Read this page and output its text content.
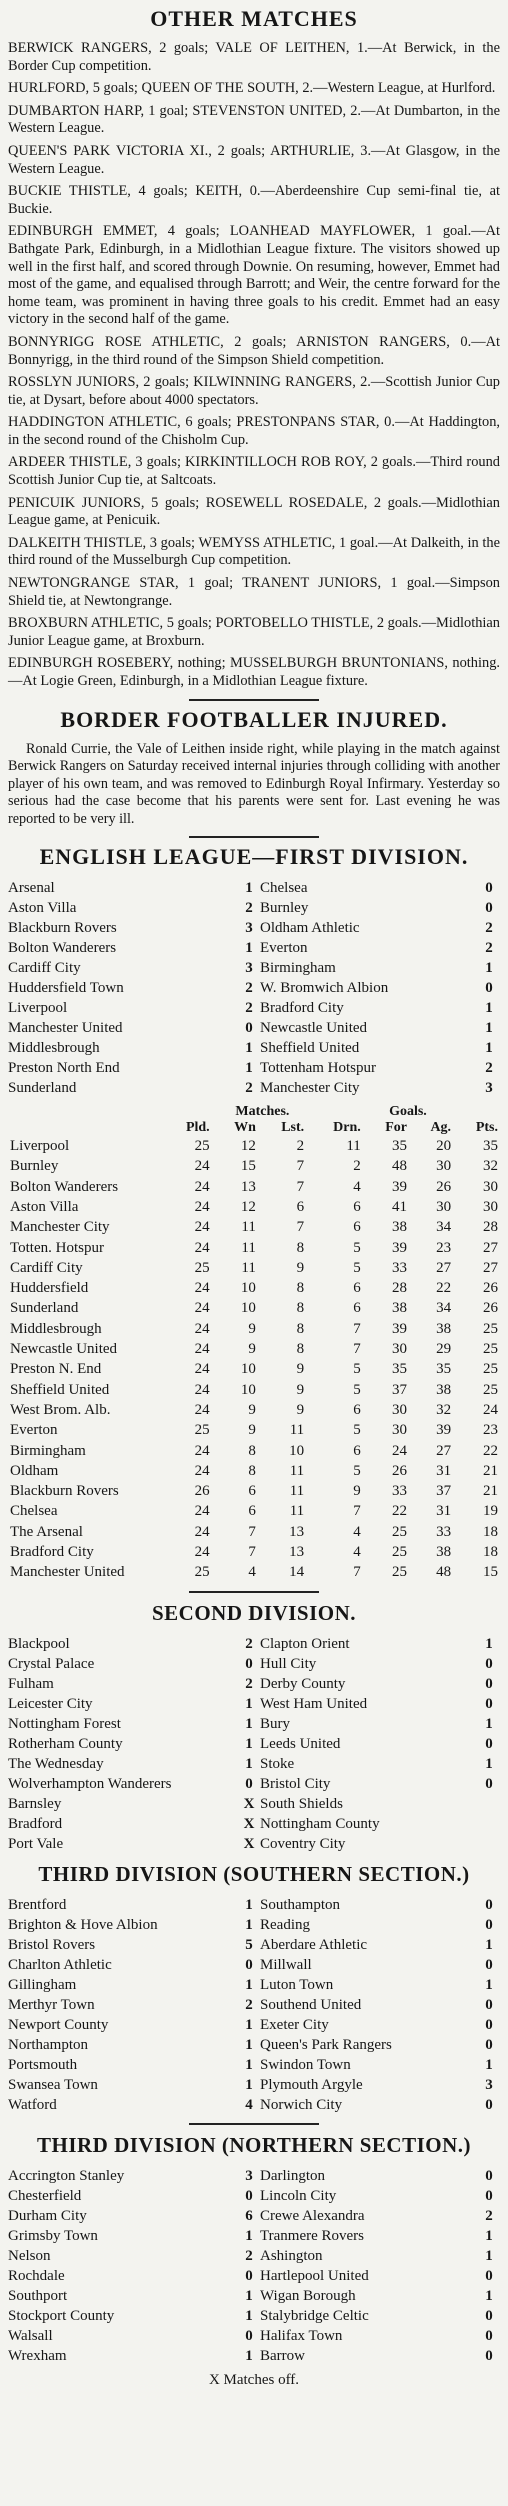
OTHER MATCHES

BERWICK RANGERS, 2 goals; VALE OF LEITHEN, 1.—At Berwick, in the Border Cup competition.

HURLFORD, 5 goals; QUEEN OF THE SOUTH, 2.—Western League, at Hurlford.

DUMBARTON HARP, 1 goal; STEVENSTON UNITED, 2.—At Dumbarton, in the Western League.

QUEEN'S PARK VICTORIA XI., 2 goals; ARTHURLIE, 3.—At Glasgow, in the Western League.

BUCKIE THISTLE, 4 goals; KEITH, 0.—Aberdeenshire Cup semi-final tie, at Buckie.

EDINBURGH EMMET, 4 goals; LOANHEAD MAYFLOWER, 1 goal.—At Bathgate Park, Edinburgh, in a Midlothian League fixture. The visitors showed up well in the first half, and scored through Downie. On resuming, however, Emmet had most of the game, and equalised through Barrott; and Weir, the centre forward for the home team, was prominent in having three goals to his credit. Emmet had an easy victory in the second half of the game.

BONNYRIGG ROSE ATHLETIC, 2 goals; ARNISTON RANGERS, 0.—At Bonnyrigg, in the third round of the Simpson Shield competition.

ROSSLYN JUNIORS, 2 goals; KILWINNING RANGERS, 2.—Scottish Junior Cup tie, at Dysart, before about 4000 spectators.

HADDINGTON ATHLETIC, 6 goals; PRESTONPANS STAR, 0.—At Haddington, in the second round of the Chisholm Cup.

ARDEER THISTLE, 3 goals; KIRKINTILLOCH ROB ROY, 2 goals.—Third round Scottish Junior Cup tie, at Saltcoats.

PENICUIK JUNIORS, 5 goals; ROSEWELL ROSEDALE, 2 goals.—Midlothian League game, at Penicuik.

DALKEITH THISTLE, 3 goals; WEMYSS ATHLETIC, 1 goal.—At Dalkeith, in the third round of the Musselburgh Cup competition.

NEWTONGRANGE STAR, 1 goal; TRANENT JUNIORS, 1 goal.—Simpson Shield tie, at Newtongrange.

BROXBURN ATHLETIC, 5 goals; PORTOBELLO THISTLE, 2 goals.—Midlothian Junior League game, at Broxburn.

EDINBURGH ROSEBERY, nothing; MUSSELBURGH BRUNTONIANS, nothing.—At Logie Green, Edinburgh, in a Midlothian League fixture.

BORDER FOOTBALLER INJURED.

Ronald Currie, the Vale of Leithen inside right, while playing in the match against Berwick Rangers on Saturday received internal injuries through colliding with another player of his own team, and was removed to Edinburgh Royal Infirmary. Yesterday so serious had the case become that his parents were sent for. Last evening he was reported to be very ill.

ENGLISH LEAGUE—FIRST DIVISION.
Arsenal	1	Chelsea	0
Aston Villa	2	Burnley	0
Blackburn Rovers	3	Oldham Athletic	2
Bolton Wanderers	1	Everton	2
Cardiff City	3	Birmingham	1
Huddersfield Town	2	W. Bromwich Albion	0
Liverpool	2	Bradford City	1
Manchester United	0	Newcastle United	1
Middlesbrough	1	Sheffield United	1
Preston North End	1	Tottenham Hotspur	2
Sunderland	2	Manchester City	3
	Matches.				Goals.		
	Pld.	Wn	Lst.	Drn.	For	Ag.	Pts.
Liverpool	25	12	2	11	35	20	35
Burnley	24	15	7	2	48	30	32
Bolton Wanderers	24	13	7	4	39	26	30
Aston Villa	24	12	6	6	41	30	30
Manchester City	24	11	7	6	38	34	28
Totten. Hotspur	24	11	8	5	39	23	27
Cardiff City	25	11	9	5	33	27	27
Huddersfield	24	10	8	6	28	22	26
Sunderland	24	10	8	6	38	34	26
Middlesbrough	24	9	8	7	39	38	25
Newcastle United	24	9	8	7	30	29	25
Preston N. End	24	10	9	5	35	35	25
Sheffield United	24	10	9	5	37	38	25
West Brom. Alb.	24	9	9	6	30	32	24
Everton	25	9	11	5	30	39	23
Birmingham	24	8	10	6	24	27	22
Oldham	24	8	11	5	26	31	21
Blackburn Rovers	26	6	11	9	33	37	21
Chelsea	24	6	11	7	22	31	19
The Arsenal	24	7	13	4	25	33	18
Bradford City	24	7	13	4	25	38	18
Manchester United	25	4	14	7	25	48	15
SECOND DIVISION.
Blackpool	2	Clapton Orient	1
Crystal Palace	0	Hull City	0
Fulham	2	Derby County	0
Leicester City	1	West Ham United	0
Nottingham Forest	1	Bury	1
Rotherham County	1	Leeds United	0
The Wednesday	1	Stoke	1
Wolverhampton Wanderers	0	Bristol City	0
Barnsley	X	South Shields	
Bradford	X	Nottingham County	
Port Vale	X	Coventry City	
THIRD DIVISION (SOUTHERN SECTION.)
Brentford	1	Southampton	0
Brighton & Hove Albion	1	Reading	0
Bristol Rovers	5	Aberdare Athletic	1
Charlton Athletic	0	Millwall	0
Gillingham	1	Luton Town	1
Merthyr Town	2	Southend United	0
Newport County	1	Exeter City	0
Northampton	1	Queen's Park Rangers	0
Portsmouth	1	Swindon Town	1
Swansea Town	1	Plymouth Argyle	3
Watford	4	Norwich City	0
THIRD DIVISION (NORTHERN SECTION.)
Accrington Stanley	3	Darlington	0
Chesterfield	0	Lincoln City	0
Durham City	6	Crewe Alexandra	2
Grimsby Town	1	Tranmere Rovers	1
Nelson	2	Ashington	1
Rochdale	0	Hartlepool United	0
Southport	1	Wigan Borough	1
Stockport County	1	Stalybridge Celtic	0
Walsall	0	Halifax Town	0
Wrexham	1	Barrow	0
X Matches off.
